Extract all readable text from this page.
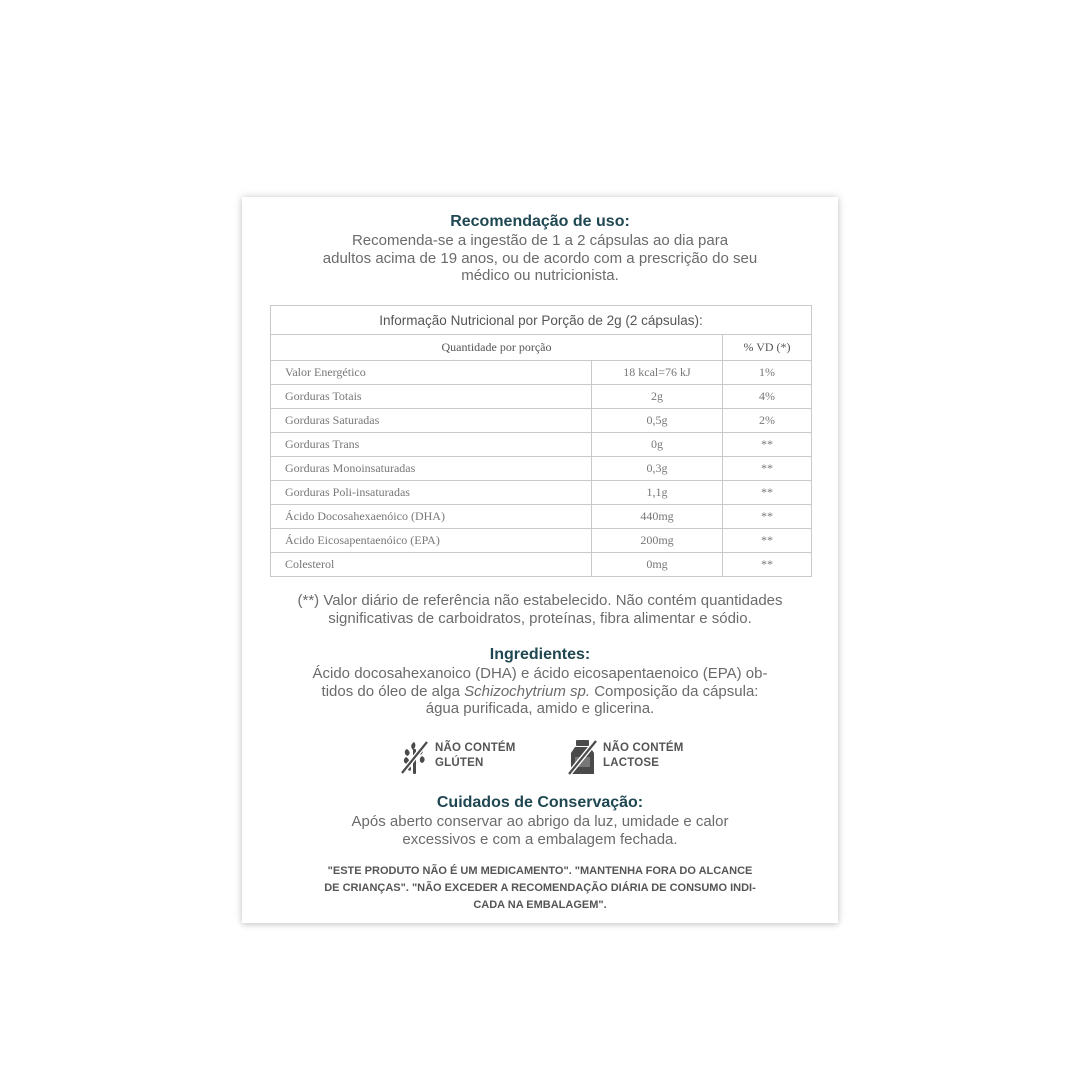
Recomendação de uso:
Recomenda-se a ingestão de 1 a 2 cápsulas ao dia para
adultos acima de 19 anos, ou de acordo com a prescrição do seu
médico ou nutricionista.
Informação Nutricional por Porção de 2g (2 cápsulas):		
Quantidade por porção		% VD (*)
Valor Energético	18 kcal=76 kJ	1%
Gorduras Totais	2g	4%
Gorduras Saturadas	0,5g	2%
Gorduras Trans	0g	**
Gorduras Monoinsaturadas	0,3g	**
Gorduras Poli-insaturadas	1,1g	**
Ácido Docosahexaenóico (DHA)	440mg	**
Ácido Eicosapentaenóico (EPA)	200mg	**
Colesterol	0mg	**
(**) Valor diário de referência não estabelecido. Não contém quantidades
significativas de carboidratos, proteínas, fibra alimentar e sódio.
Ingredientes:
Ácido docosahexanoico (DHA) e ácido eicosapentaenoico (EPA) ob-
tidos do óleo de alga Schizochytrium sp. Composição da cápsula:
água purificada, amido e glicerina.
NÃO CONTÉM
GLÚTEN
NÃO CONTÉM
LACTOSE
Cuidados de Conservação:
Após aberto conservar ao abrigo da luz, umidade e calor
excessivos e com a embalagem fechada.
"ESTE PRODUTO NÃO É UM MEDICAMENTO". "MANTENHA FORA DO ALCANCE
DE CRIANÇAS". "NÃO EXCEDER A RECOMENDAÇÃO DIÁRIA DE CONSUMO INDI-
CADA NA EMBALAGEM".
